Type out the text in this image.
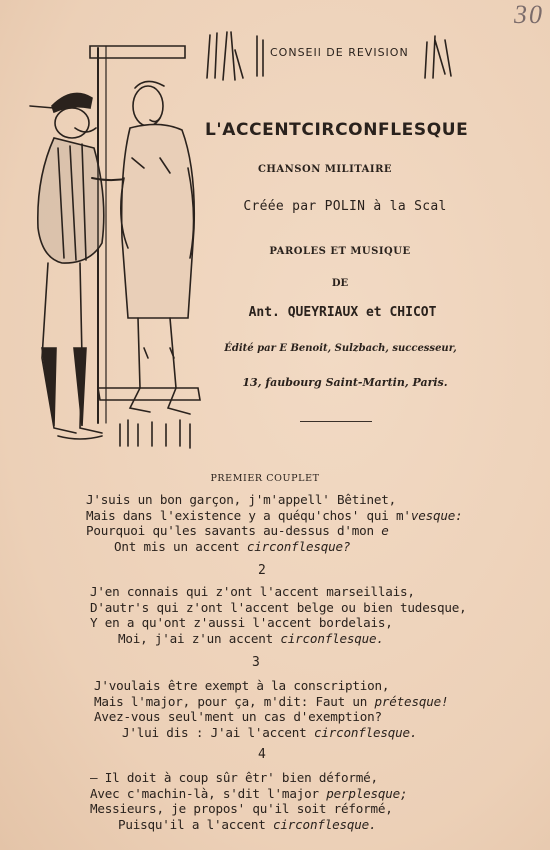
30
CONSEIl DE REVISION
L'ACCENTCIRCONFLESQUE
CHANSON MILITAIRE
Créée par POLIN à la Scal
PAROLES ET MUSIQUE
DE
Ant. QUEYRIAUX et CHICOT
Édité par E Benoit, Sulzbach, successeur,
13, faubourg Saint-Martin, Paris.
PREMIER COUPLET
J'suis un bon garçon, j'm'appell' Bêtinet,
Mais dans l'existence y a quéqu'chos' qui m'vesque:
Pourquoi qu'les savants au-dessus d'mon e
Ont mis un accent circonflesque?
2
J'en connais qui z'ont l'accent marseillais,
D'autr's qui z'ont l'accent belge ou bien tudesque,
Y en a qu'ont z'aussi l'accent bordelais,
Moi, j'ai z'un accent circonflesque.
3
J'voulais être exempt à la conscription,
Mais l'major, pour ça, m'dit: Faut un prétesque!
Avez-vous seul'ment un cas d'exemption?
J'lui dis : J'ai l'accent circonflesque.
4
— Il doit à coup sûr êtr' bien déformé,
Avec c'machin-là, s'dit l'major perplesque;
Messieurs, je propos' qu'il soit réformé,
Puisqu'il a l'accent circonflesque.
